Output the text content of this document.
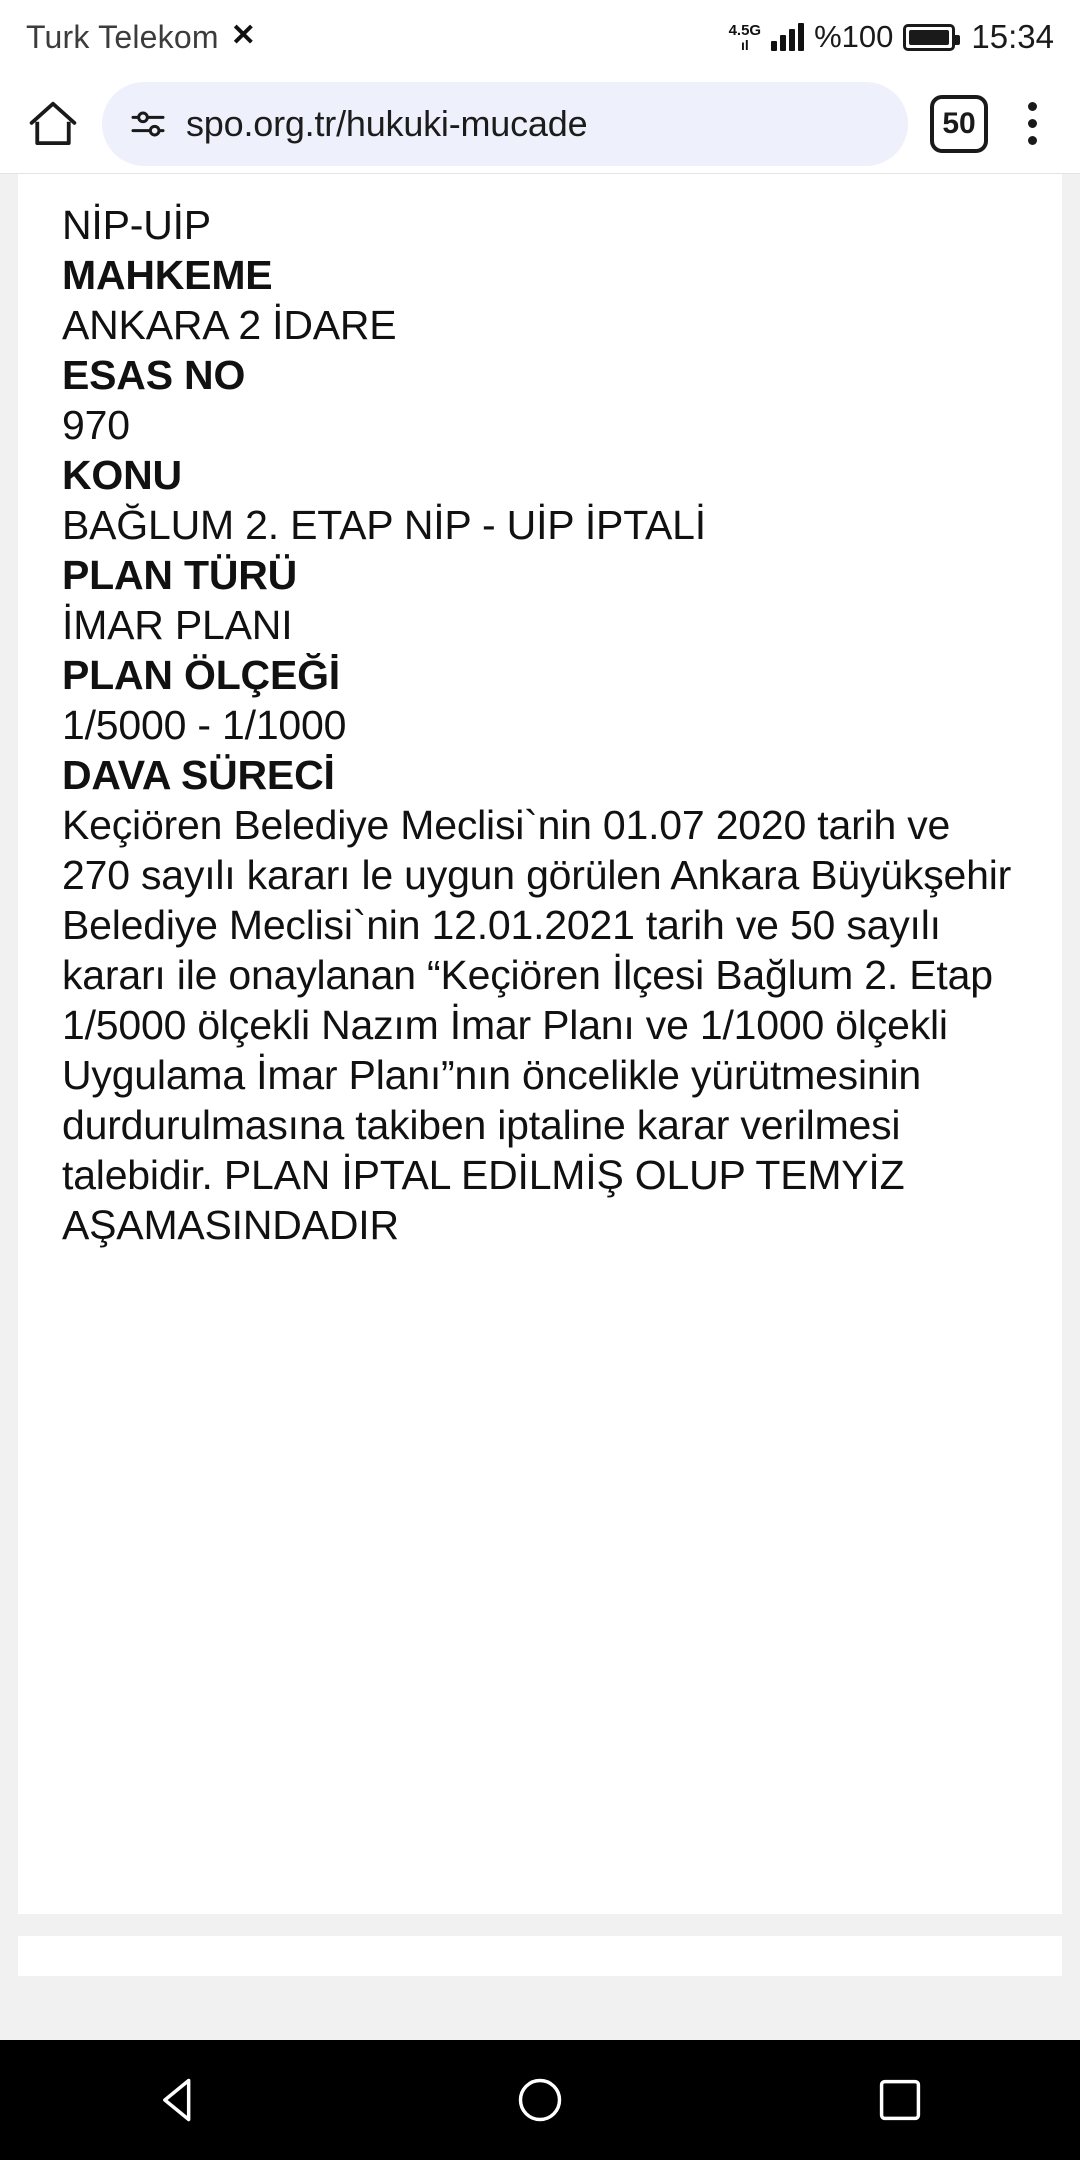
Turk Telekom ✕	4.5G
ıl %100 15:34
spo.org.tr/hukuki-mucade	50
NİP-UİP
MAHKEME
ANKARA 2 İDARE
ESAS NO
970
KONU
BAĞLUM 2. ETAP NİP - UİP İPTALİ
PLAN TÜRÜ
İMAR PLANI
PLAN ÖLÇEĞİ
1/5000 - 1/1000
DAVA SÜRECİ
Keçiören Belediye Meclisi`nin 01.07 2020 tarih ve 270 sayılı kararı le uygun görülen Ankara Büyükşehir Belediye Meclisi`nin 12.01.2021 tarih ve 50 sayılı kararı ile onaylanan “Keçiören İlçesi Bağlum 2. Etap 1/5000 ölçekli Nazım İmar Planı ve 1/1000 ölçekli Uygulama İmar Planı”nın öncelikle yürütmesinin durdurulmasına takiben iptaline karar verilmesi talebidir. PLAN İPTAL EDİLMİŞ OLUP TEMYİZ AŞAMASINDADIR
